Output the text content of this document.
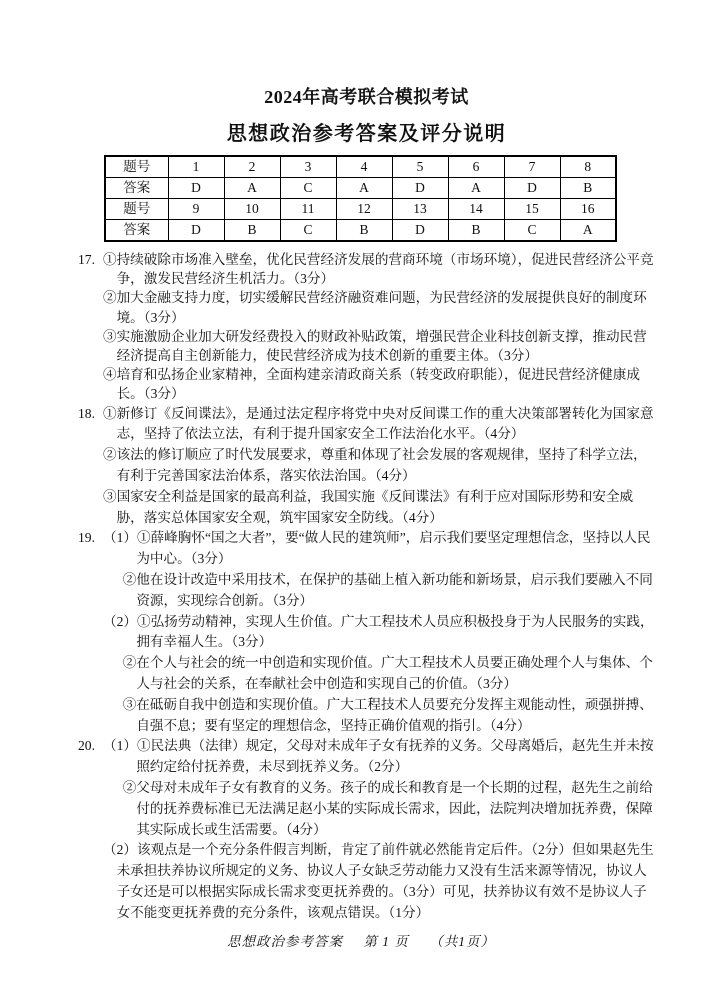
2024年高考联合模拟考试
思想政治参考答案及评分说明
题号	1	2	3	4	5	6	7	8
答案	D	A	C	A	D	A	D	B
题号	9	10	11	12	13	14	15	16
答案	D	B	C	B	D	B	C	A
17. ①持续破除市场准入壁垒，优化民营经济发展的营商环境（市场环境），促进民营经济公平竞争，激发民营经济生机活力。（3分）
②加大金融支持力度，切实缓解民营经济融资难问题，为民营经济的发展提供良好的制度环境。（3分）
③实施激励企业加大研发经费投入的财政补贴政策，增强民营企业科技创新支撑，推动民营经济提高自主创新能力，使民营经济成为技术创新的重要主体。（3分）
④培育和弘扬企业家精神，全面构建亲清政商关系（转变政府职能），促进民营经济健康成长。（3分）
18. ①新修订《反间谍法》，是通过法定程序将党中央对反间谍工作的重大决策部署转化为国家意志，坚持了依法立法，有利于提升国家安全工作法治化水平。（4分）
②该法的修订顺应了时代发展要求，尊重和体现了社会发展的客观规律，坚持了科学立法，有利于完善国家法治体系，落实依法治国。（4分）
③国家安全利益是国家的最高利益，我国实施《反间谍法》有利于应对国际形势和安全威胁，落实总体国家安全观，筑牢国家安全防线。（4分）
19. （1）①薛峰胸怀“国之大者”，要“做人民的建筑师”，启示我们要坚定理想信念，坚持以人民为中心。（3分）
②他在设计改造中采用技术，在保护的基础上植入新功能和新场景，启示我们要融入不同资源，实现综合创新。（3分）
（2）①弘扬劳动精神，实现人生价值。广大工程技术人员应积极投身于为人民服务的实践，拥有幸福人生。（3分）
②在个人与社会的统一中创造和实现价值。广大工程技术人员要正确处理个人与集体、个人与社会的关系，在奉献社会中创造和实现自己的价值。（3分）
③在砥砺自我中创造和实现价值。广大工程技术人员要充分发挥主观能动性，顽强拼搏、自强不息；要有坚定的理想信念，坚持正确价值观的指引。（4分）
20. （1）①民法典（法律）规定，父母对未成年子女有抚养的义务。父母离婚后，赵先生并未按照约定给付抚养费，未尽到抚养义务。（2分）
②父母对未成年子女有教育的义务。孩子的成长和教育是一个长期的过程，赵先生之前给付的抚养费标准已无法满足赵小某的实际成长需求，因此，法院判决增加抚养费，保障其实际成长或生活需要。（4分）
（2）该观点是一个充分条件假言判断，肯定了前件就必然能肯定后件。（2分）但如果赵先生未承担扶养协议所规定的义务、协议人子女缺乏劳动能力又没有生活来源等情况，协议人子女还是可以根据实际成长需求变更抚养费的。（3分）可见，扶养协议有效不是协议人子女不能变更抚养费的充分条件，该观点错误。（1分）
思想政治参考答案 第 1 页 （共1页）
